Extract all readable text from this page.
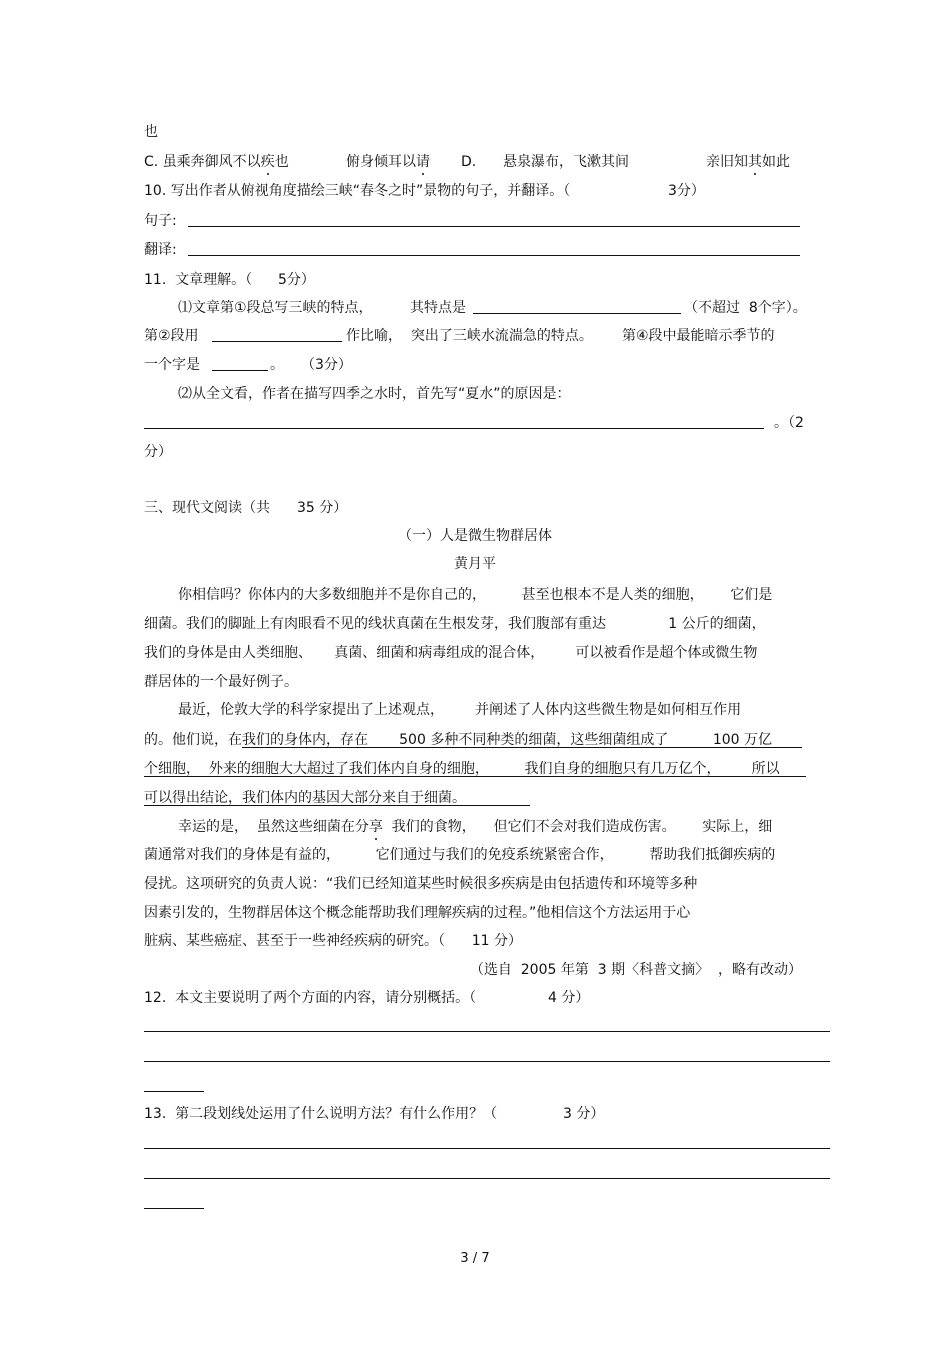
也
C. 虽乘奔御风不以疾也	俯身倾耳以请 D. 悬泉瀑布，飞漱其间	亲旧知其如此
10. 写出作者从俯视角度描绘三峡“春冬之时”景物的句子，并翻译。（	3分）
句子:
翻译:
11.  文章理解。（ 5分）
⑴文章第①段总写三峡的特点，	其特点是	（不超过  8个字）。
第②段用	作比喻，  突出了三峡水流湍急的特点。 第④段中最能暗示季节的
一个字是	。 （3分）
⑵从全文看，作者在描写四季之水时，首先写“夏水”的原因是：
。（2
分）
三、现代文阅读（共 35 分）
（一）人是微生物群居体
黄月平
你相信吗？你体内的大多数细胞并不是你自己的，        甚至也根本不是人类的细胞，      它们是
细菌。我们的脚趾上有肉眼看不见的线状真菌在生根发芽，我们腹部有重达              1 公斤的细菌，
我们的身体是由人类细胞、     真菌、细菌和病毒组成的混合体，       可以被看作是超个体或微生物
群居体的一个最好例子。
最近，伦敦大学的科学家提出了上述观点，       并阐述了人体内这些微生物是如何相互作用
的。他们说，在我们的身体内，存在       500 多种不同种类的细菌，这些细菌组成了          100 万亿
个细胞，  外来的细胞大大超过了我们体内自身的细胞，        我们自身的细胞只有几万亿个，       所以
可以得出结论，我们体内的基因大部分来自于细菌。
幸运的是，  虽然这些细菌在分享  我们的食物，    但它们不会对我们造成伤害。      实际上，细
菌通常对我们的身体是有益的，        它们通过与我们的免疫系统紧密合作，        帮助我们抵御疾病的
侵扰。这项研究的负责人说：“我们已经知道某些时候很多疾病是由包括遗传和环境等多种
因素引发的，生物群居体这个概念能帮助我们理解疾病的过程。”他相信这个方法运用于心
脏病、某些癌症、甚至于一些神经疾病的研究。（      11 分）
（选自  2005 年第  3 期〈科普文摘〉  ，略有改动）
12.  本文主要说明了两个方面的内容，请分别概括。（	4 分）
13.  第二段划线处运用了什么说明方法？有什么作用？（	3 分）
3 / 7
